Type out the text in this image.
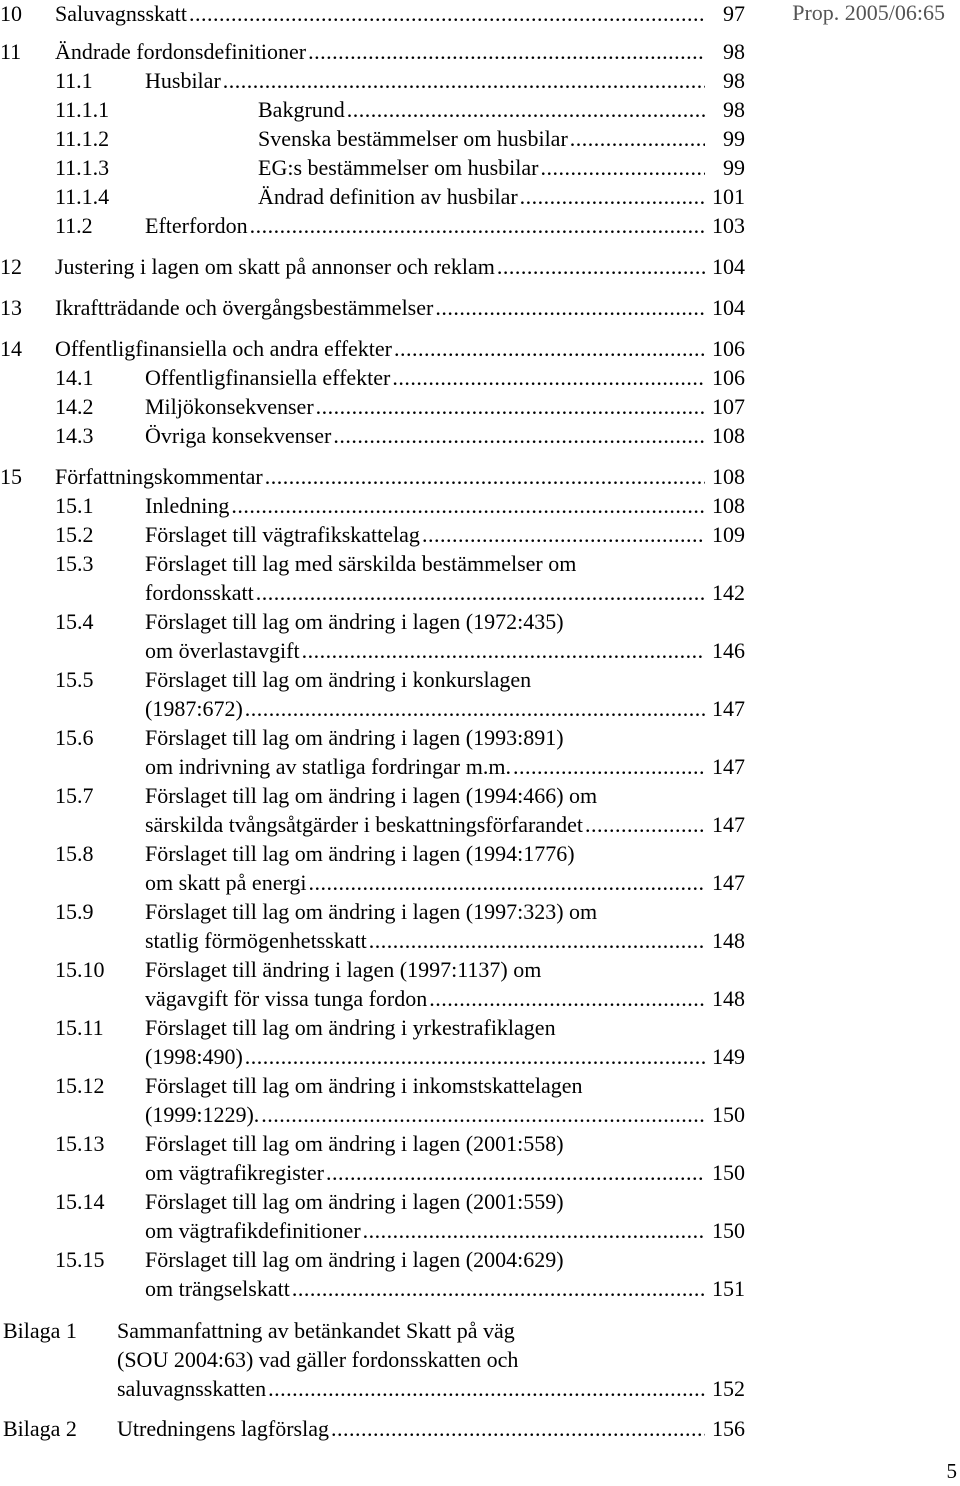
Prop. 2005/06:65
10 Saluvagnsskatt .....	97
11 Ändrade fordonsdefinitioner .....	98
11.1 Husbilar .....	98
11.1.1	Bakgrund .....	98
11.1.2	Svenska bestämmelser om husbilar .....	99
11.1.3	EG:s bestämmelser om husbilar .....	99
11.1.4	Ändrad definition av husbilar .....	101
11.2 Efterfordon .....	103
12 Justering i lagen om skatt på annonser och reklam .....	104
13 Ikraftträdande och övergångsbestämmelser .....	104
14 Offentligfinansiella och andra effekter .....	106
14.1 Offentligfinansiella effekter .....	106
14.2 Miljökonsekvenser .....	107
14.3 Övriga konsekvenser .....	108
15 Författningskommentar .....	108
15.1 Inledning .....	108
15.2 Förslaget till vägtrafikskattelag .....	109
15.3 Förslaget till lag med särskilda bestämmelser om
fordonsskatt .....	142
15.4 Förslaget till lag om ändring i lagen (1972:435)
om överlastavgift .....	146
15.5 Förslaget till lag om ändring i konkurslagen
(1987:672) .....	147
15.6 Förslaget till lag om ändring i lagen (1993:891)
om indrivning av statliga fordringar m.m. .....	147
15.7 Förslaget till lag om ändring i lagen (1994:466) om
särskilda tvångsåtgärder i beskattningsförfarandet .....	147
15.8 Förslaget till lag om ändring i lagen (1994:1776)
om skatt på energi .....	147
15.9 Förslaget till lag om ändring i lagen (1997:323) om
statlig förmögenhetsskatt .....	148
15.10 Förslaget till ändring i lagen (1997:1137) om
vägavgift för vissa tunga fordon .....	148
15.11 Förslaget till lag om ändring i yrkestrafiklagen
(1998:490) .....	149
15.12 Förslaget till lag om ändring i inkomstskattelagen
(1999:1229). .....	150
15.13 Förslaget till lag om ändring i lagen (2001:558)
om vägtrafikregister .....	150
15.14 Förslaget till lag om ändring i lagen (2001:559)
om vägtrafikdefinitioner .....	150
15.15 Förslaget till lag om ändring i lagen (2004:629)
om trängselskatt .....	151
Bilaga 1 Sammanfattning av betänkandet Skatt på väg
(SOU 2004:63) vad gäller fordonsskatten och
saluvagnsskatten .....	152
Bilaga 2 Utredningens lagförslag .....	156
5
